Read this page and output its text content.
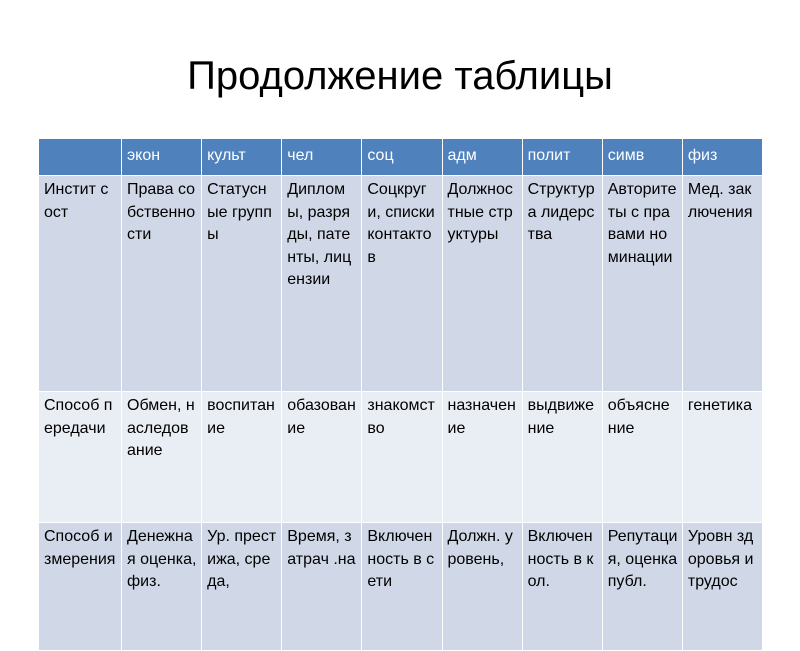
Продолжение таблицы
	экон	культ	чел	соц	адм	полит	симв	физ
Инстит сост	Права собственности	Статусные группы	Дипломы, разряды, патенты, лицензии	Соцкруги, списки контактов	Должностные структуры	Структура лидерства	Авторитеты с правами номинации	Мед. заключения
Способ передачи	Обмен, наследование	воспитание	обазование	знакомство	назначение	выдвижение	объяснение	генетика
Способ измерения	Денежная оценка, физ.	Ур. престижа, среда,	Время, затрач .на	Включенность в сети	Должн. уровень,	Включенность в кол.	Репутация, оценка публ.	Уровн здоровья и трудос
